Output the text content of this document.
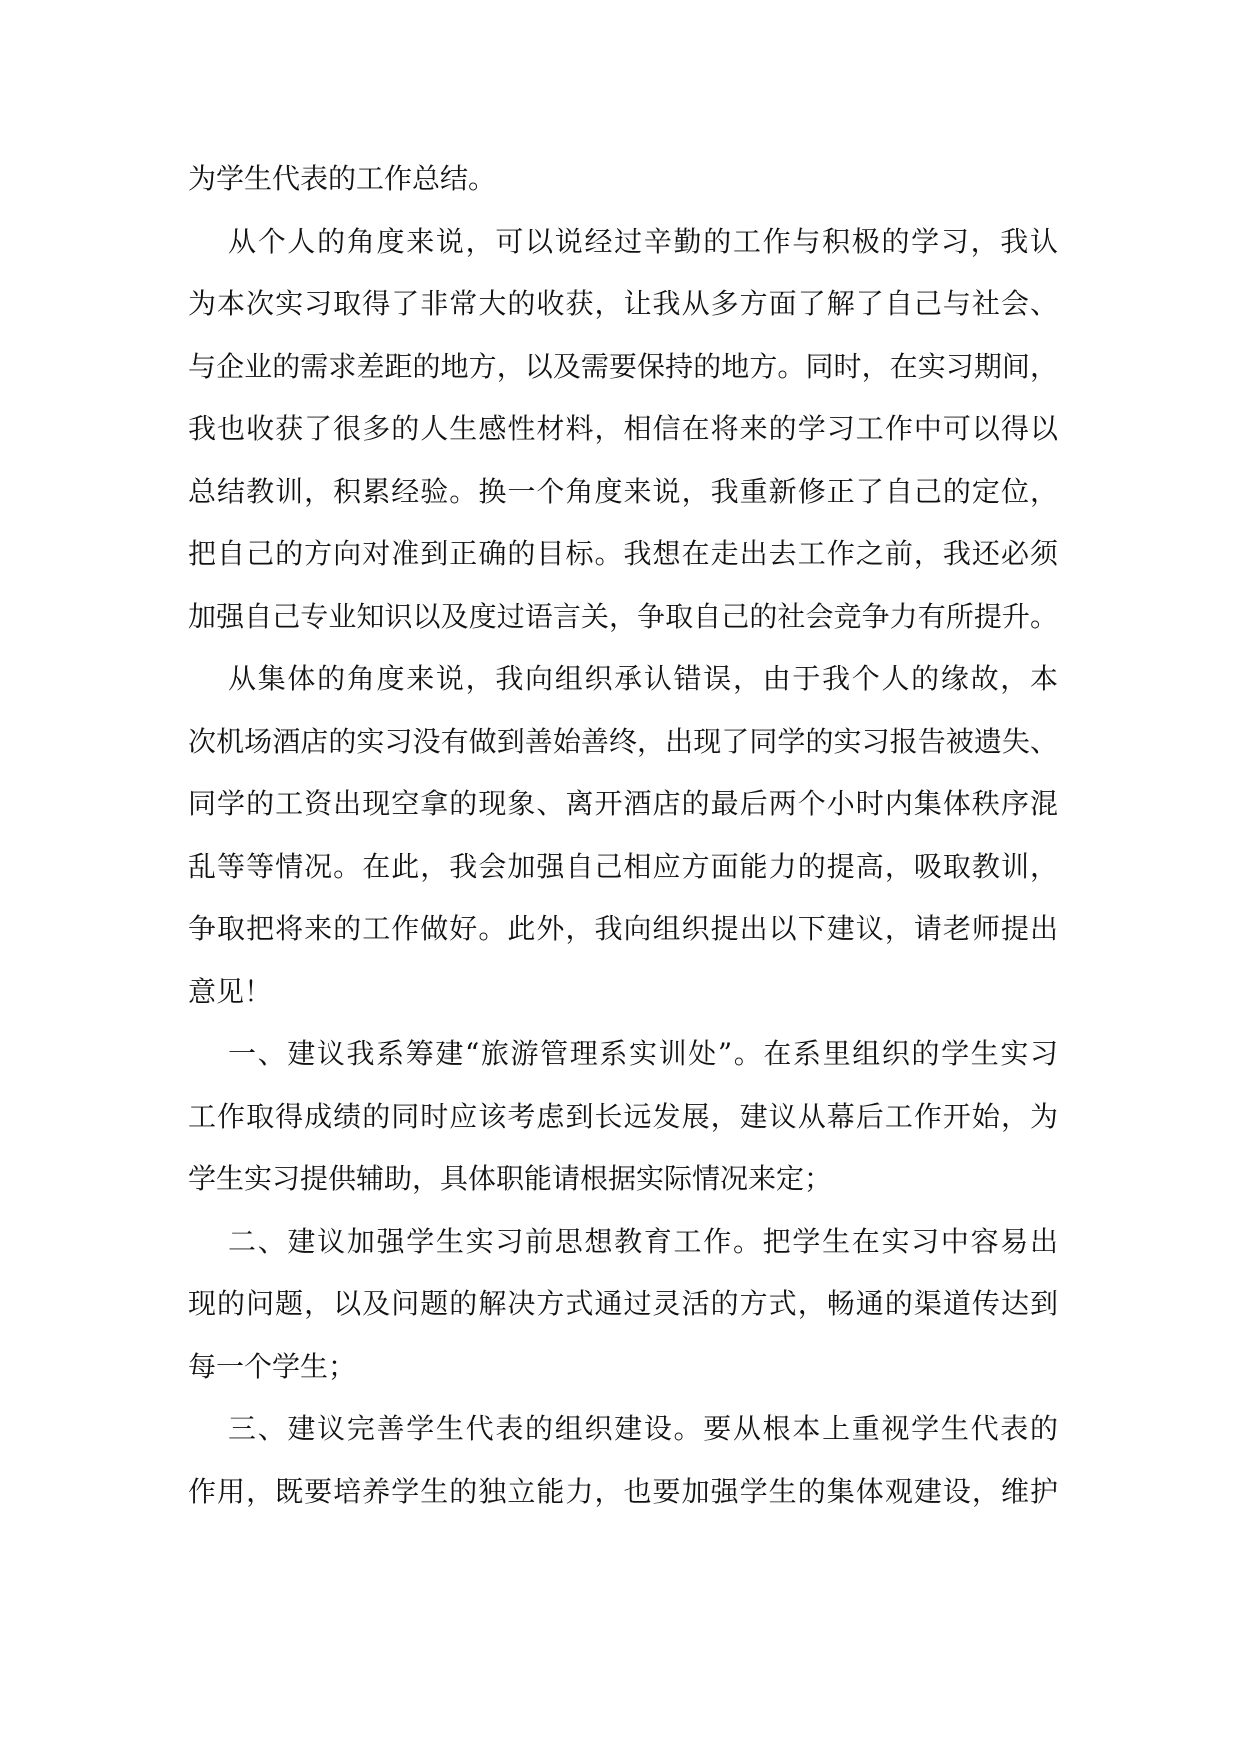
为学生代表的工作总结。
从个人的角度来说，可以说经过辛勤的工作与积极的学习，我认
为本次实习取得了非常大的收获，让我从多方面了解了自己与社会、
与企业的需求差距的地方，以及需要保持的地方。同时，在实习期间，
我也收获了很多的人生感性材料，相信在将来的学习工作中可以得以
总结教训，积累经验。换一个角度来说，我重新修正了自己的定位，
把自己的方向对准到正确的目标。我想在走出去工作之前，我还必须
加强自己专业知识以及度过语言关，争取自己的社会竞争力有所提升。
从集体的角度来说，我向组织承认错误，由于我个人的缘故，本
次机场酒店的实习没有做到善始善终，出现了同学的实习报告被遗失、
同学的工资出现空拿的现象、离开酒店的最后两个小时内集体秩序混
乱等等情况。在此，我会加强自己相应方面能力的提高，吸取教训，
争取把将来的工作做好。此外，我向组织提出以下建议，请老师提出
意见！
一、建议我系筹建“旅游管理系实训处”。在系里组织的学生实习
工作取得成绩的同时应该考虑到长远发展，建议从幕后工作开始，为
学生实习提供辅助，具体职能请根据实际情况来定；
二、建议加强学生实习前思想教育工作。把学生在实习中容易出
现的问题，以及问题的解决方式通过灵活的方式，畅通的渠道传达到
每一个学生；
三、建议完善学生代表的组织建设。要从根本上重视学生代表的
作用，既要培养学生的独立能力，也要加强学生的集体观建设，维护
